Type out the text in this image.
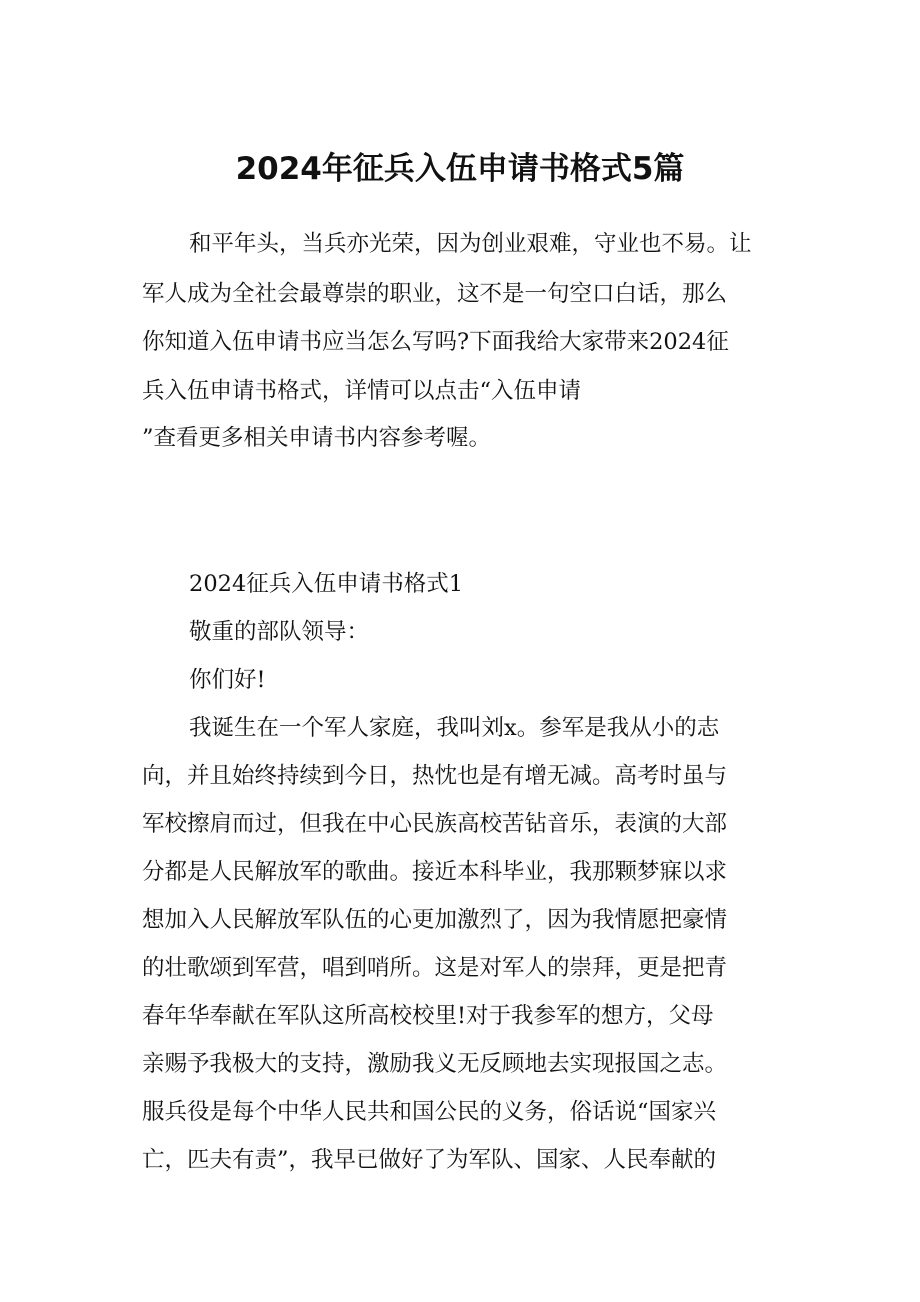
2024年征兵入伍申请书格式5篇

和平年头，当兵亦光荣，因为创业艰难，守业也不易。让

军人成为全社会最尊崇的职业，这不是一句空口白话，那么

你知道入伍申请书应当怎么写吗?下面我给大家带来2024征

兵入伍申请书格式，详情可以点击“入伍申请

”查看更多相关申请书内容参考喔。

2024征兵入伍申请书格式1

敬重的部队领导：

你们好!

我诞生在一个军人家庭，我叫刘x。参军是我从小的志

向，并且始终持续到今日，热忱也是有增无减。高考时虽与

军校擦肩而过，但我在中心民族高校苦钻音乐，表演的大部

分都是人民解放军的歌曲。接近本科毕业，我那颗梦寐以求

想加入人民解放军队伍的心更加激烈了，因为我情愿把豪情

的壮歌颂到军营，唱到哨所。这是对军人的崇拜，更是把青

春年华奉献在军队这所高校校里!对于我参军的想方，父母

亲赐予我极大的支持，激励我义无反顾地去实现报国之志。

服兵役是每个中华人民共和国公民的义务，俗话说“国家兴

亡，匹夫有责”，我早已做好了为军队、国家、人民奉献的
